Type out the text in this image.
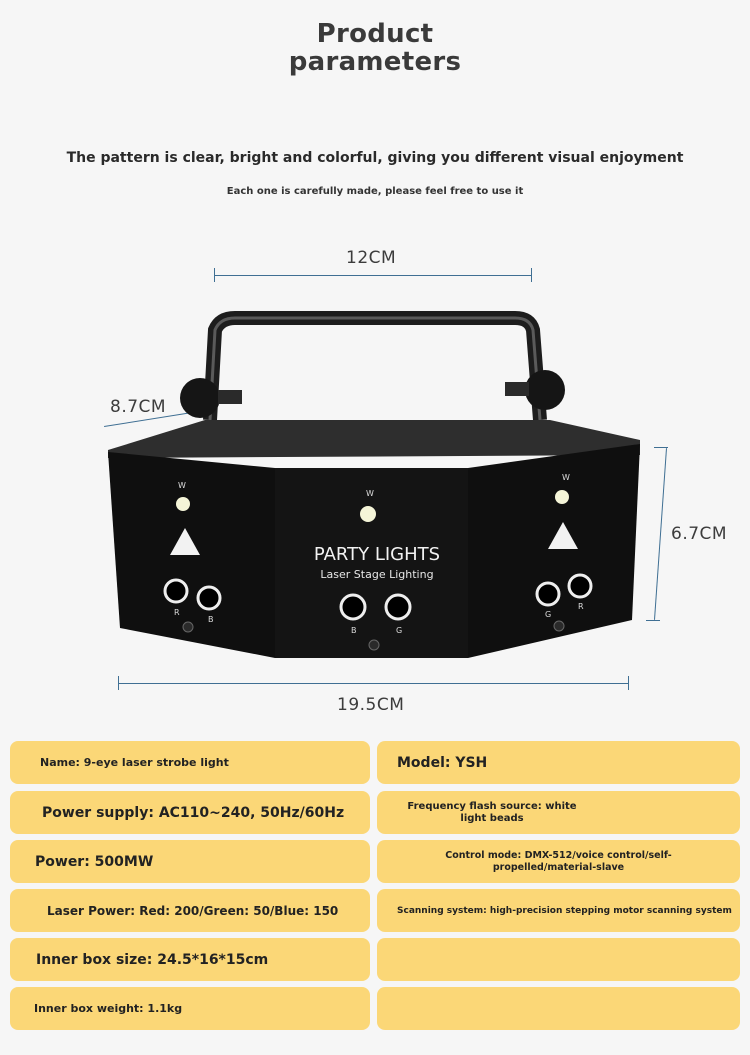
Product
parameters
The pattern is clear, bright and colorful, giving you different visual enjoyment
Each one is carefully made, please feel free to use it
12CM
8.7CM
6.7CM
19.5CM
W
W
W
PARTY LIGHTS
Laser Stage Lighting
R
B
B	G
G
R
Name: 9-eye laser strobe light
Power supply: AC110~240, 50Hz/60Hz
Power: 500MW
Laser Power: Red: 200/Green: 50/Blue: 150
Inner box size: 24.5*16*15cm
Inner box weight: 1.1kg
Model: YSH
Frequency flash source: white light beads
Control mode: DMX-512/voice control/self-propelled/material-slave
Scanning system: high-precision stepping motor scanning system
